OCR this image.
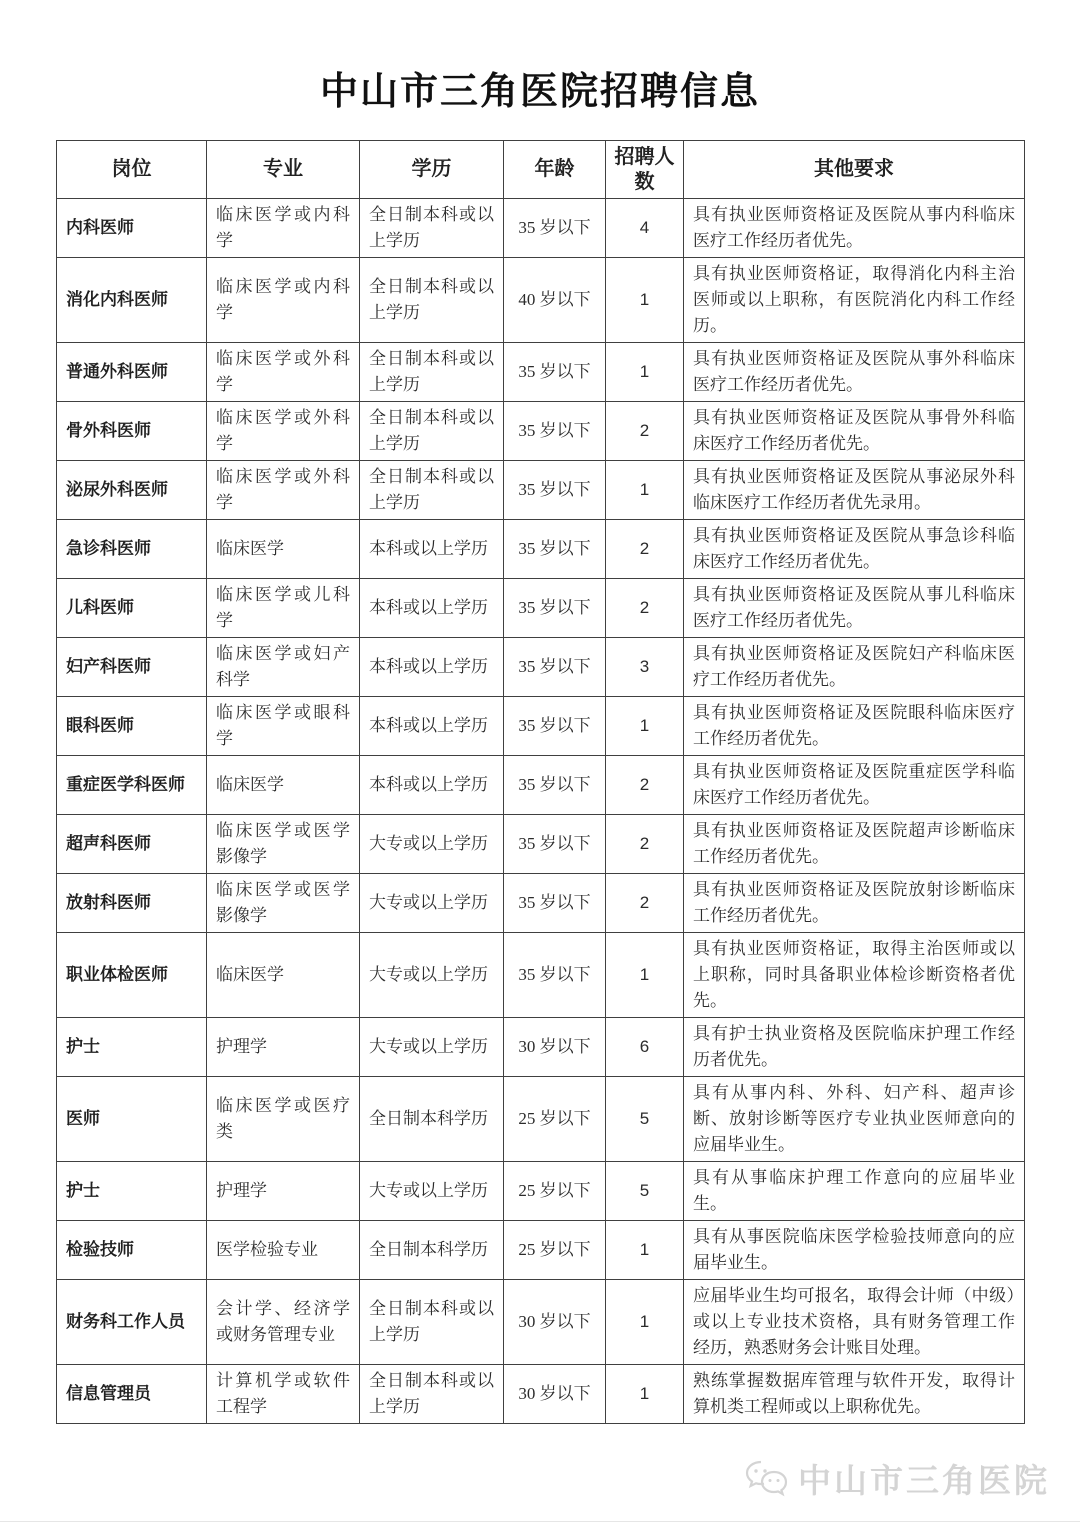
中山市三角医院招聘信息
岗位	专业	学历	年龄	招聘人数	其他要求
内科医师	临床医学或内科学	全日制本科或以上学历	35 岁以下	4	具有执业医师资格证及医院从事内科临床医疗工作经历者优先。
消化内科医师	临床医学或内科学	全日制本科或以上学历	40 岁以下	1	具有执业医师资格证，取得消化内科主治医师或以上职称，有医院消化内科工作经历。
普通外科医师	临床医学或外科学	全日制本科或以上学历	35 岁以下	1	具有执业医师资格证及医院从事外科临床医疗工作经历者优先。
骨外科医师	临床医学或外科学	全日制本科或以上学历	35 岁以下	2	具有执业医师资格证及医院从事骨外科临床医疗工作经历者优先。
泌尿外科医师	临床医学或外科学	全日制本科或以上学历	35 岁以下	1	具有执业医师资格证及医院从事泌尿外科临床医疗工作经历者优先录用。
急诊科医师	临床医学	本科或以上学历	35 岁以下	2	具有执业医师资格证及医院从事急诊科临床医疗工作经历者优先。
儿科医师	临床医学或儿科学	本科或以上学历	35 岁以下	2	具有执业医师资格证及医院从事儿科临床医疗工作经历者优先。
妇产科医师	临床医学或妇产科学	本科或以上学历	35 岁以下	3	具有执业医师资格证及医院妇产科临床医疗工作经历者优先。
眼科医师	临床医学或眼科学	本科或以上学历	35 岁以下	1	具有执业医师资格证及医院眼科临床医疗工作经历者优先。
重症医学科医师	临床医学	本科或以上学历	35 岁以下	2	具有执业医师资格证及医院重症医学科临床医疗工作经历者优先。
超声科医师	临床医学或医学影像学	大专或以上学历	35 岁以下	2	具有执业医师资格证及医院超声诊断临床工作经历者优先。
放射科医师	临床医学或医学影像学	大专或以上学历	35 岁以下	2	具有执业医师资格证及医院放射诊断临床工作经历者优先。
职业体检医师	临床医学	大专或以上学历	35 岁以下	1	具有执业医师资格证，取得主治医师或以上职称，同时具备职业体检诊断资格者优先。
护士	护理学	大专或以上学历	30 岁以下	6	具有护士执业资格及医院临床护理工作经历者优先。
医师	临床医学或医疗类	全日制本科学历	25 岁以下	5	具有从事内科、外科、妇产科、超声诊断、放射诊断等医疗专业执业医师意向的应届毕业生。
护士	护理学	大专或以上学历	25 岁以下	5	具有从事临床护理工作意向的应届毕业生。
检验技师	医学检验专业	全日制本科学历	25 岁以下	1	具有从事医院临床医学检验技师意向的应届毕业生。
财务科工作人员	会计学、经济学或财务管理专业	全日制本科或以上学历	30 岁以下	1	应届毕业生均可报名，取得会计师（中级）或以上专业技术资格，具有财务管理工作经历，熟悉财务会计账目处理。
信息管理员	计算机学或软件工程学	全日制本科或以上学历	30 岁以下	1	熟练掌握数据库管理与软件开发，取得计算机类工程师或以上职称优先。
中山市三角医院
